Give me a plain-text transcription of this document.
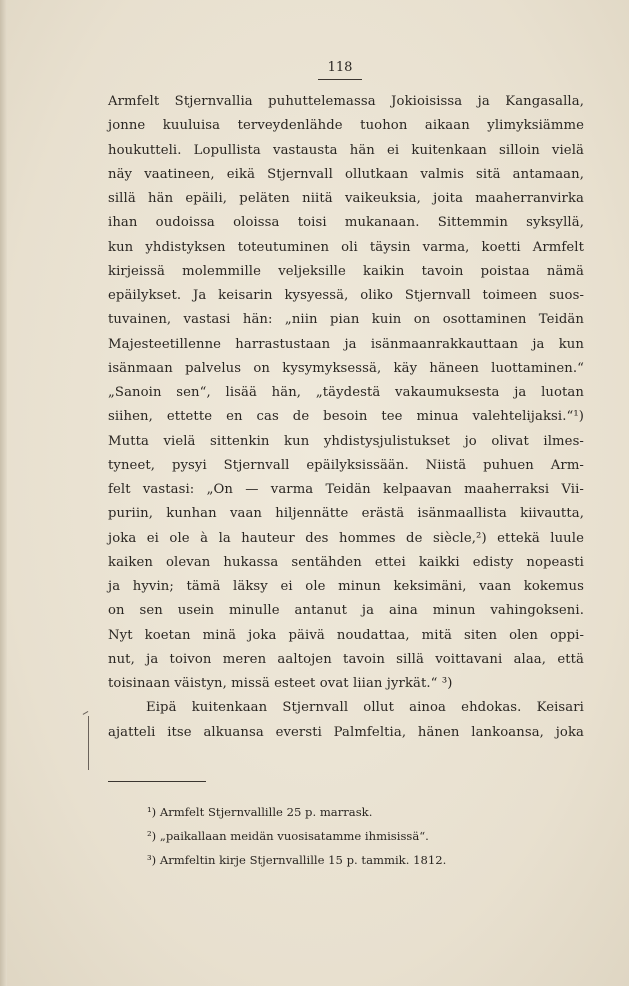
118
Armfelt Stjernvallia puhuttelemassa Jokioisissa ja Kangasalla,
jonne kuuluisa terveydenlähde tuohon aikaan ylimyksiämme
houkutteli. Lopullista vastausta hän ei kuitenkaan silloin vielä
näy vaatineen, eikä Stjernvall ollutkaan valmis sitä antamaan,
sillä hän epäili, peläten niitä vaikeuksia, joita maaherranvirka
ihan oudoissa oloissa toisi mukanaan. Sittemmin syksyllä,
kun yhdistyksen toteutuminen oli täysin varma, koetti Armfelt
kirjeissä molemmille veljeksille kaikin tavoin poistaa nämä
epäilykset. Ja keisarin kysyessä, oliko Stjernvall toimeen suos-
tuvainen, vastasi hän: „niin pian kuin on osottaminen Teidän
Majesteetillenne harrastustaan ja isänmaanrakkauttaan ja kun
isänmaan palvelus on kysymyksessä, käy häneen luottaminen.“
„Sanoin sen“, lisää hän, „täydestä vakaumuksesta ja luotan
siihen, ettette en cas de besoin tee minua valehtelijaksi.“¹)
Mutta vielä sittenkin kun yhdistysjulistukset jo olivat ilmes-
tyneet, pysyi Stjernvall epäilyksissään. Niistä puhuen Arm-
felt vastasi: „On — varma Teidän kelpaavan maaherraksi Vii-
puriin, kunhan vaan hiljennätte erästä isänmaallista kiivautta,
joka ei ole à la hauteur des hommes de siècle,²) ettekä luule
kaiken olevan hukassa sentähden ettei kaikki edisty nopeasti
ja hyvin; tämä läksy ei ole minun keksimäni, vaan kokemus
on sen usein minulle antanut ja aina minun vahingokseni.
Nyt koetan minä joka päivä noudattaa, mitä siten olen oppi-
nut, ja toivon meren aaltojen tavoin sillä voittavani alaa, että
toisinaan väistyn, missä esteet ovat liian jyrkät.“ ³)
Eipä kuitenkaan Stjernvall ollut ainoa ehdokas. Keisari
ajatteli itse alkuansa eversti Palmfeltia, hänen lankoansa, joka
¹) Armfelt Stjernvallille 25 p. marrask.
²) „paikallaan meidän vuosisatamme ihmisissä“.
³) Armfeltin kirje Stjernvallille 15 p. tammik. 1812.
